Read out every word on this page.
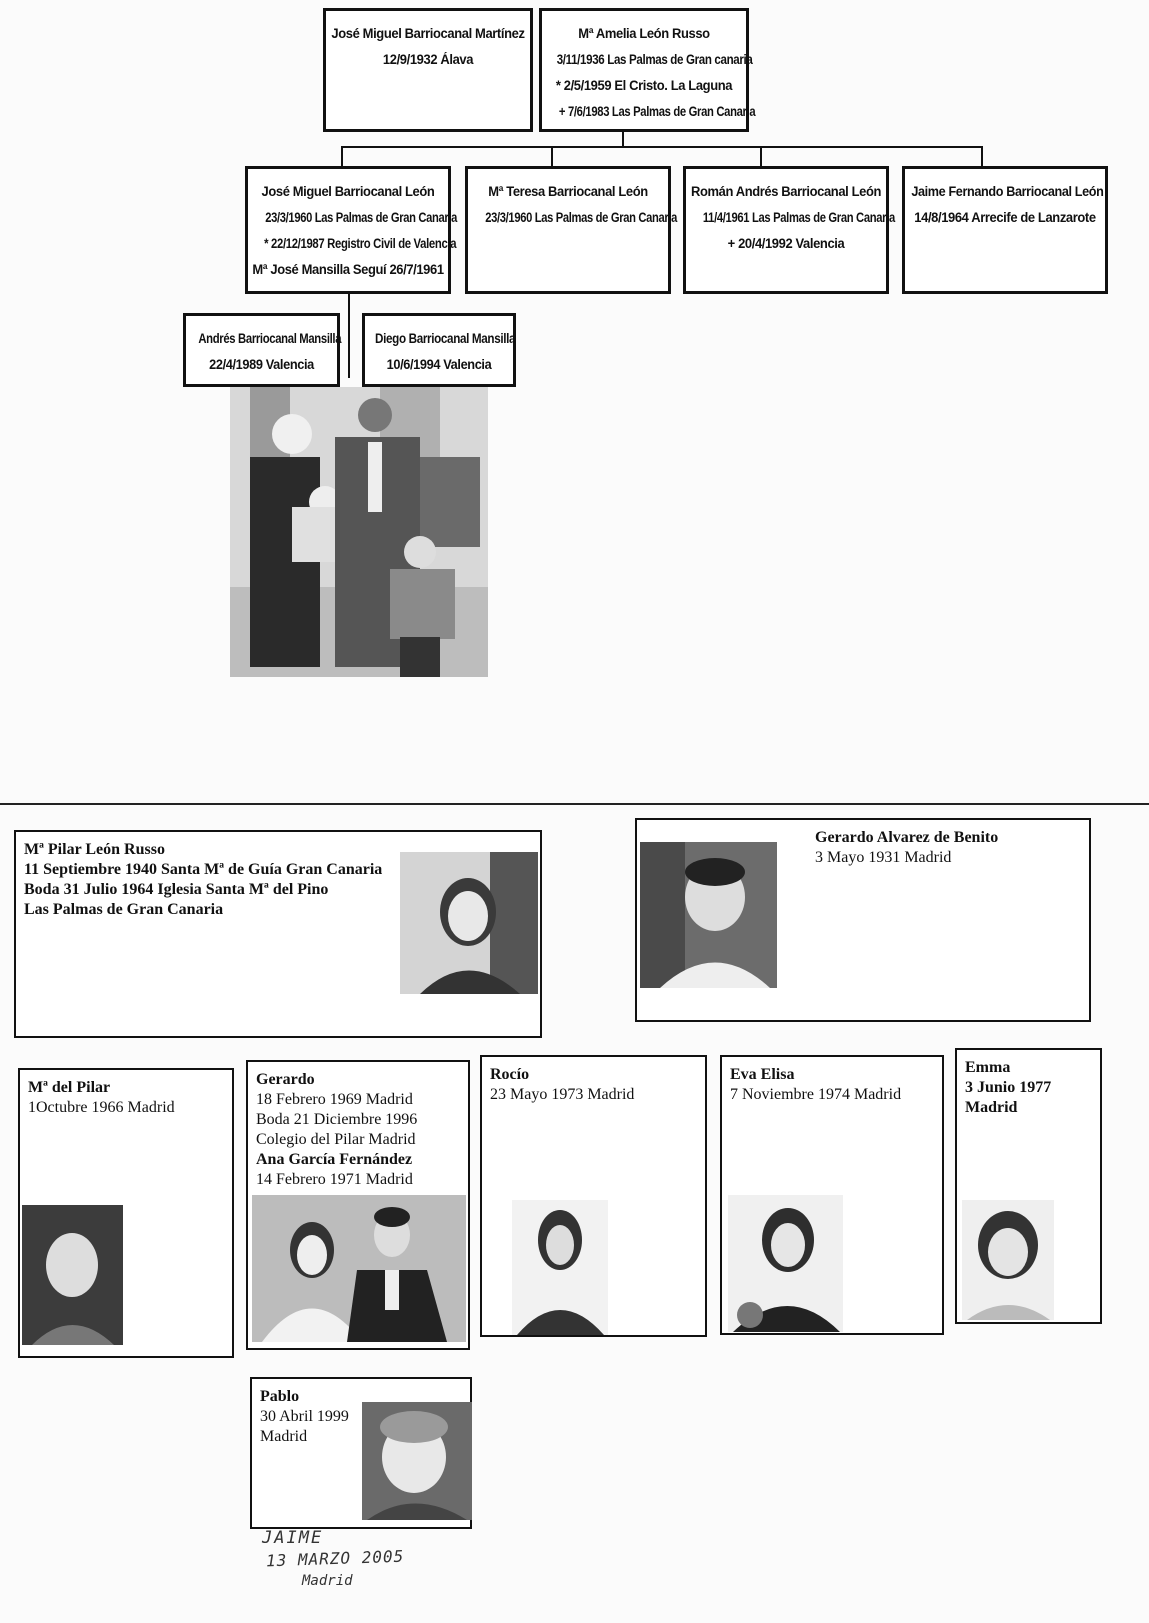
José Miguel Barriocanal Martínez
12/9/1932 Álava
Mª Amelia León Russo
3/11/1936 Las Palmas de Gran canaria
* 2/5/1959 El Cristo. La Laguna
+ 7/6/1983 Las Palmas de Gran Canaria
José Miguel Barriocanal León
23/3/1960 Las Palmas de Gran Canaria
* 22/12/1987 Registro Civil de Valencia
Mª José Mansilla Seguí 26/7/1961
Mª Teresa Barriocanal León
23/3/1960 Las Palmas de Gran Canaria
Román Andrés Barriocanal León
11/4/1961 Las Palmas de Gran Canaria
+ 20/4/1992 Valencia
Jaime Fernando Barriocanal León
14/8/1964 Arrecife de Lanzarote
Andrés Barriocanal Mansilla
22/4/1989 Valencia
Diego Barriocanal Mansilla
10/6/1994 Valencia
Mª Pilar León Russo
11 Septiembre 1940 Santa Mª de Guía Gran Canaria
Boda 31 Julio 1964 Iglesia Santa Mª del Pino
Las Palmas de Gran Canaria
Gerardo Alvarez de Benito
3 Mayo 1931 Madrid
Mª del Pilar
1Octubre 1966 Madrid
Gerardo
18 Febrero 1969 Madrid
Boda 21 Diciembre 1996
Colegio del Pilar Madrid
Ana García Fernández
14 Febrero 1971 Madrid
Rocío
23 Mayo 1973 Madrid
Eva Elisa
7 Noviembre 1974 Madrid
Emma
3 Junio 1977
Madrid
Pablo
30 Abril 1999
Madrid
JAIME
13 MARZO 2005
Madrid
